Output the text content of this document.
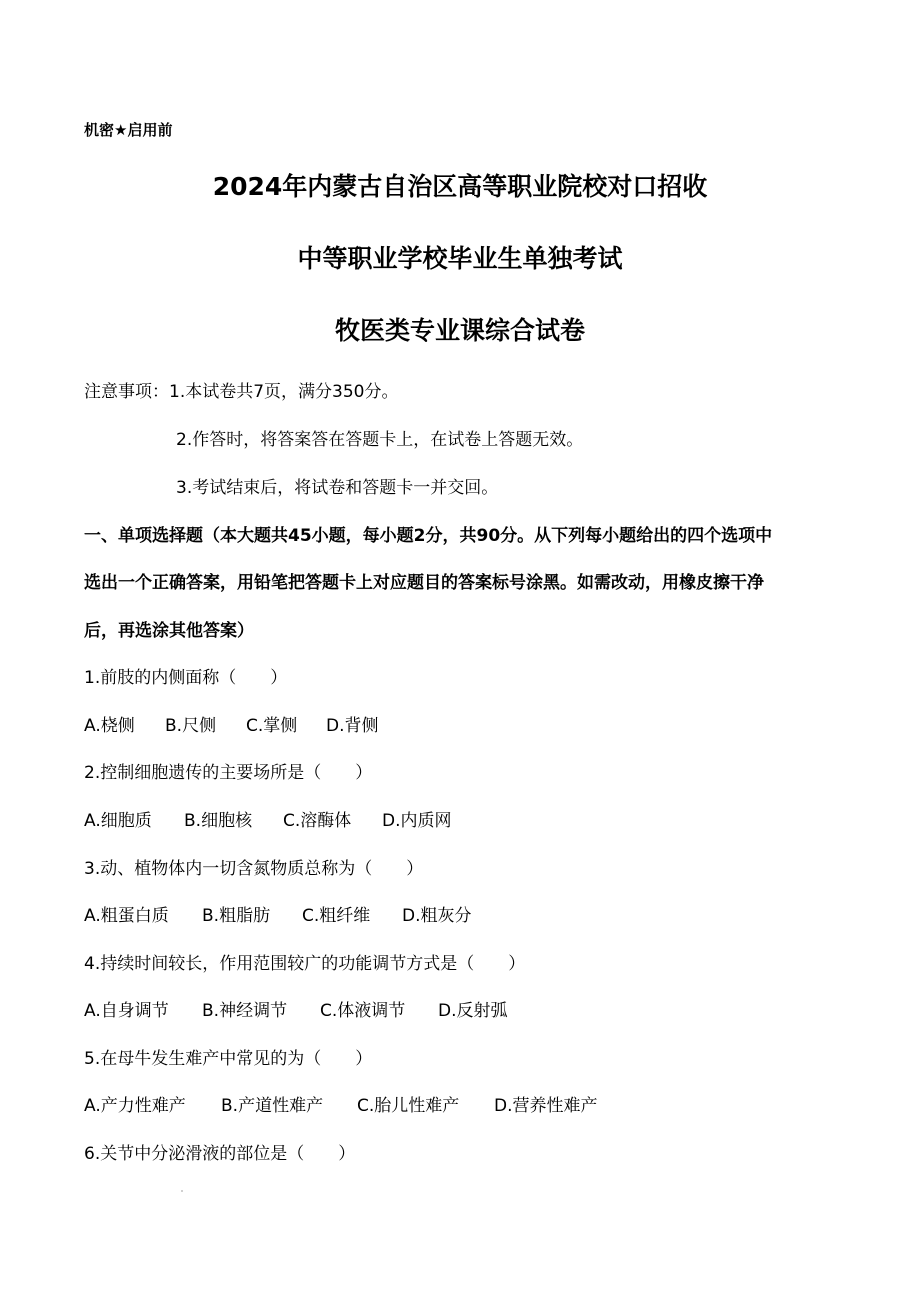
机密★启用前
2024年内蒙古自治区高等职业院校对口招收
中等职业学校毕业生单独考试
牧医类专业课综合试卷
注意事项：1.本试卷共7页，满分350分。
2.作答时，将答案答在答题卡上，在试卷上答题无效。
3.考试结束后，将试卷和答题卡一并交回。
一、单项选择题（本大题共45小题，每小题2分，共90分。从下列每小题给出的四个选项中
选出一个正确答案，用铅笔把答题卡上对应题目的答案标号涂黑。如需改动，用橡皮擦干净
后，再选涂其他答案）
1.前肢的内侧面称（　　）
A.桡侧 B.尺侧 C.掌侧 D.背侧
2.控制细胞遗传的主要场所是（　　）
A.细胞质 B.细胞核 C.溶酶体 D.内质网
3.动、植物体内一切含氮物质总称为（　　）
A.粗蛋白质 B.粗脂肪 C.粗纤维 D.粗灰分
4.持续时间较长，作用范围较广的功能调节方式是（　　）
A.自身调节 B.神经调节 C.体液调节 D.反射弧
5.在母牛发生难产中常见的为（　　）
A.产力性难产 B.产道性难产 C.胎儿性难产 D.营养性难产
6.关节中分泌滑液的部位是（　　）
